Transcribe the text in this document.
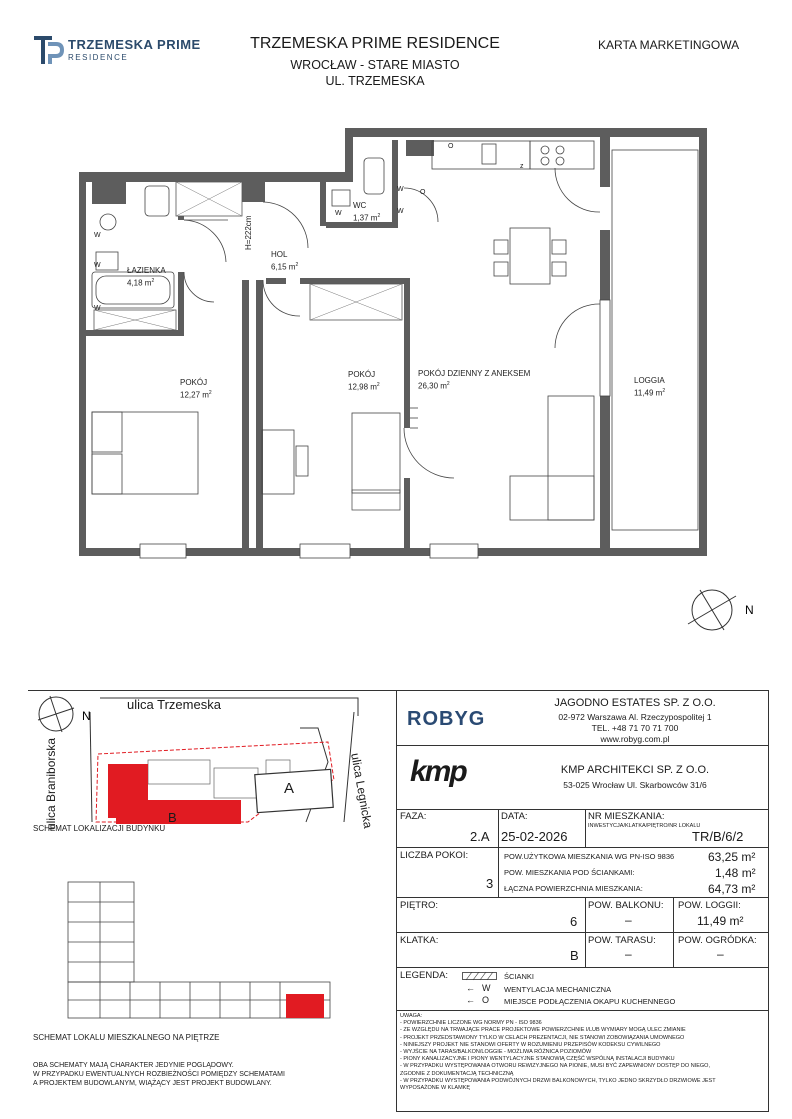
TRZEMESKA PRIME
RESIDENCE
TRZEMESKA PRIME RESIDENCE
WROCŁAW - STARE MIASTO
UL. TRZEMESKA
KARTA MARKETINGOWA
N
WC
1,37 $m^2$
HOL
6,15 $m^2$
ŁAZIENKA
4,18 $m^2$
POKÓJ
12,27 $m^2$
POKÓJ
12,98 $m^2$
POKÓJ DZIENNY Z ANEKSEM
26,30 $m^2$	LOGGIA
11,49 $m^2$
H=222cm
W
W
W
W
W
W
O
O
z
N
ulica Trzemeska
ulica Braniborska	ulica Legnicka
A
B
SCHEMAT LOKALIZACJI BUDYNKU
SCHEMAT LOKALU MIESZKALNEGO NA PIĘTRZE
OBA SCHEMATY MAJĄ CHARAKTER JEDYNIE POGLĄDOWY.
W PRZYPADKU EWENTUALNYCH ROZBIEŻNOŚCI POMIĘDZY SCHEMATAMI
A PROJEKTEM BUDOWLANYM, WIĄŻĄCY JEST PROJEKT BUDOWLANY.
ROBYG
JAGODNO ESTATES SP. Z O.O.
02-972 Warszawa Al. Rzeczypospolitej 1
TEL. +48 71 70 71 700
www.robyg.com.pl
kmp	KMP ARCHITEKCI SP. Z O.O.
53-025 Wrocław Ul. Skarbowców 31/6
FAZA:
2.A
DATA:
25-02-2026
NR MIESZKANIA:
INWESTYCJA/KLATKA/PIĘTRO/NR LOKALU
TR/B/6/2
LICZBA POKOI:
3
POW.UŻYTKOWA MIESZKANIA WG PN-ISO 9836	63,25 m²
POW. MIESZKANIA POD ŚCIANKAMI:	1,48 m²
ŁĄCZNA POWIERZCHNIA MIESZKANIA:	64,73 m²
PIĘTRO:
6
POW. BALKONU:
–
POW. LOGGII:
11,49 m²
KLATKA:
B
POW. TARASU:
–
POW. OGRÓDKA:
–
LEGENDA:	ŚCIANKI
← W WENTYLACJA MECHANICZNA
← O MIEJSCE PODŁĄCZENIA OKAPU KUCHENNEGO
UWAGA:
- POWIERZCHNIE LICZONE WG NORMY PN - ISO 9836
- ZE WZGLĘDU NA TRWAJĄCE PRACE PROJEKTOWE POWIERZCHNIE I/LUB WYMIARY MOGĄ ULEC ZMIANIE
- PROJEKT PRZEDSTAWIONY TYLKO W CELACH PREZENTACJI, NIE STANOWI ZOBOWIĄZANIA UMOWNEGO
- NINIEJSZY PROJEKT NIE STANOWI OFERTY W ROZUMIENIU PRZEPISÓW KODEKSU CYWILNEGO
- WYJŚCIE NA TARAS/BALKON/LOGGIE - MOŻLIWA RÓŻNICA POZIOMÓW
- PIONY KANALIZACYJNE I PIONY WENTYLACYJNE STANOWIĄ CZĘŚĆ WSPÓLNĄ INSTALACJI BUDYNKU
- W PRZYPADKU WYSTĘPOWANIA OTWORU REWIZYJNEGO NA PIONIE, MUSI BYĆ ZAPEWNIONY DOSTĘP DO NIEGO,
ZGODNIE Z DOKUMENTACJĄ TECHNICZNĄ
- W PRZYPADKU WYSTĘPOWANIA PODWÓJNYCH DRZWI BALKONOWYCH, TYLKO JEDNO SKRZYDŁO DRZWIOWE JEST
WYPOSAŻONE W KLAMKĘ
